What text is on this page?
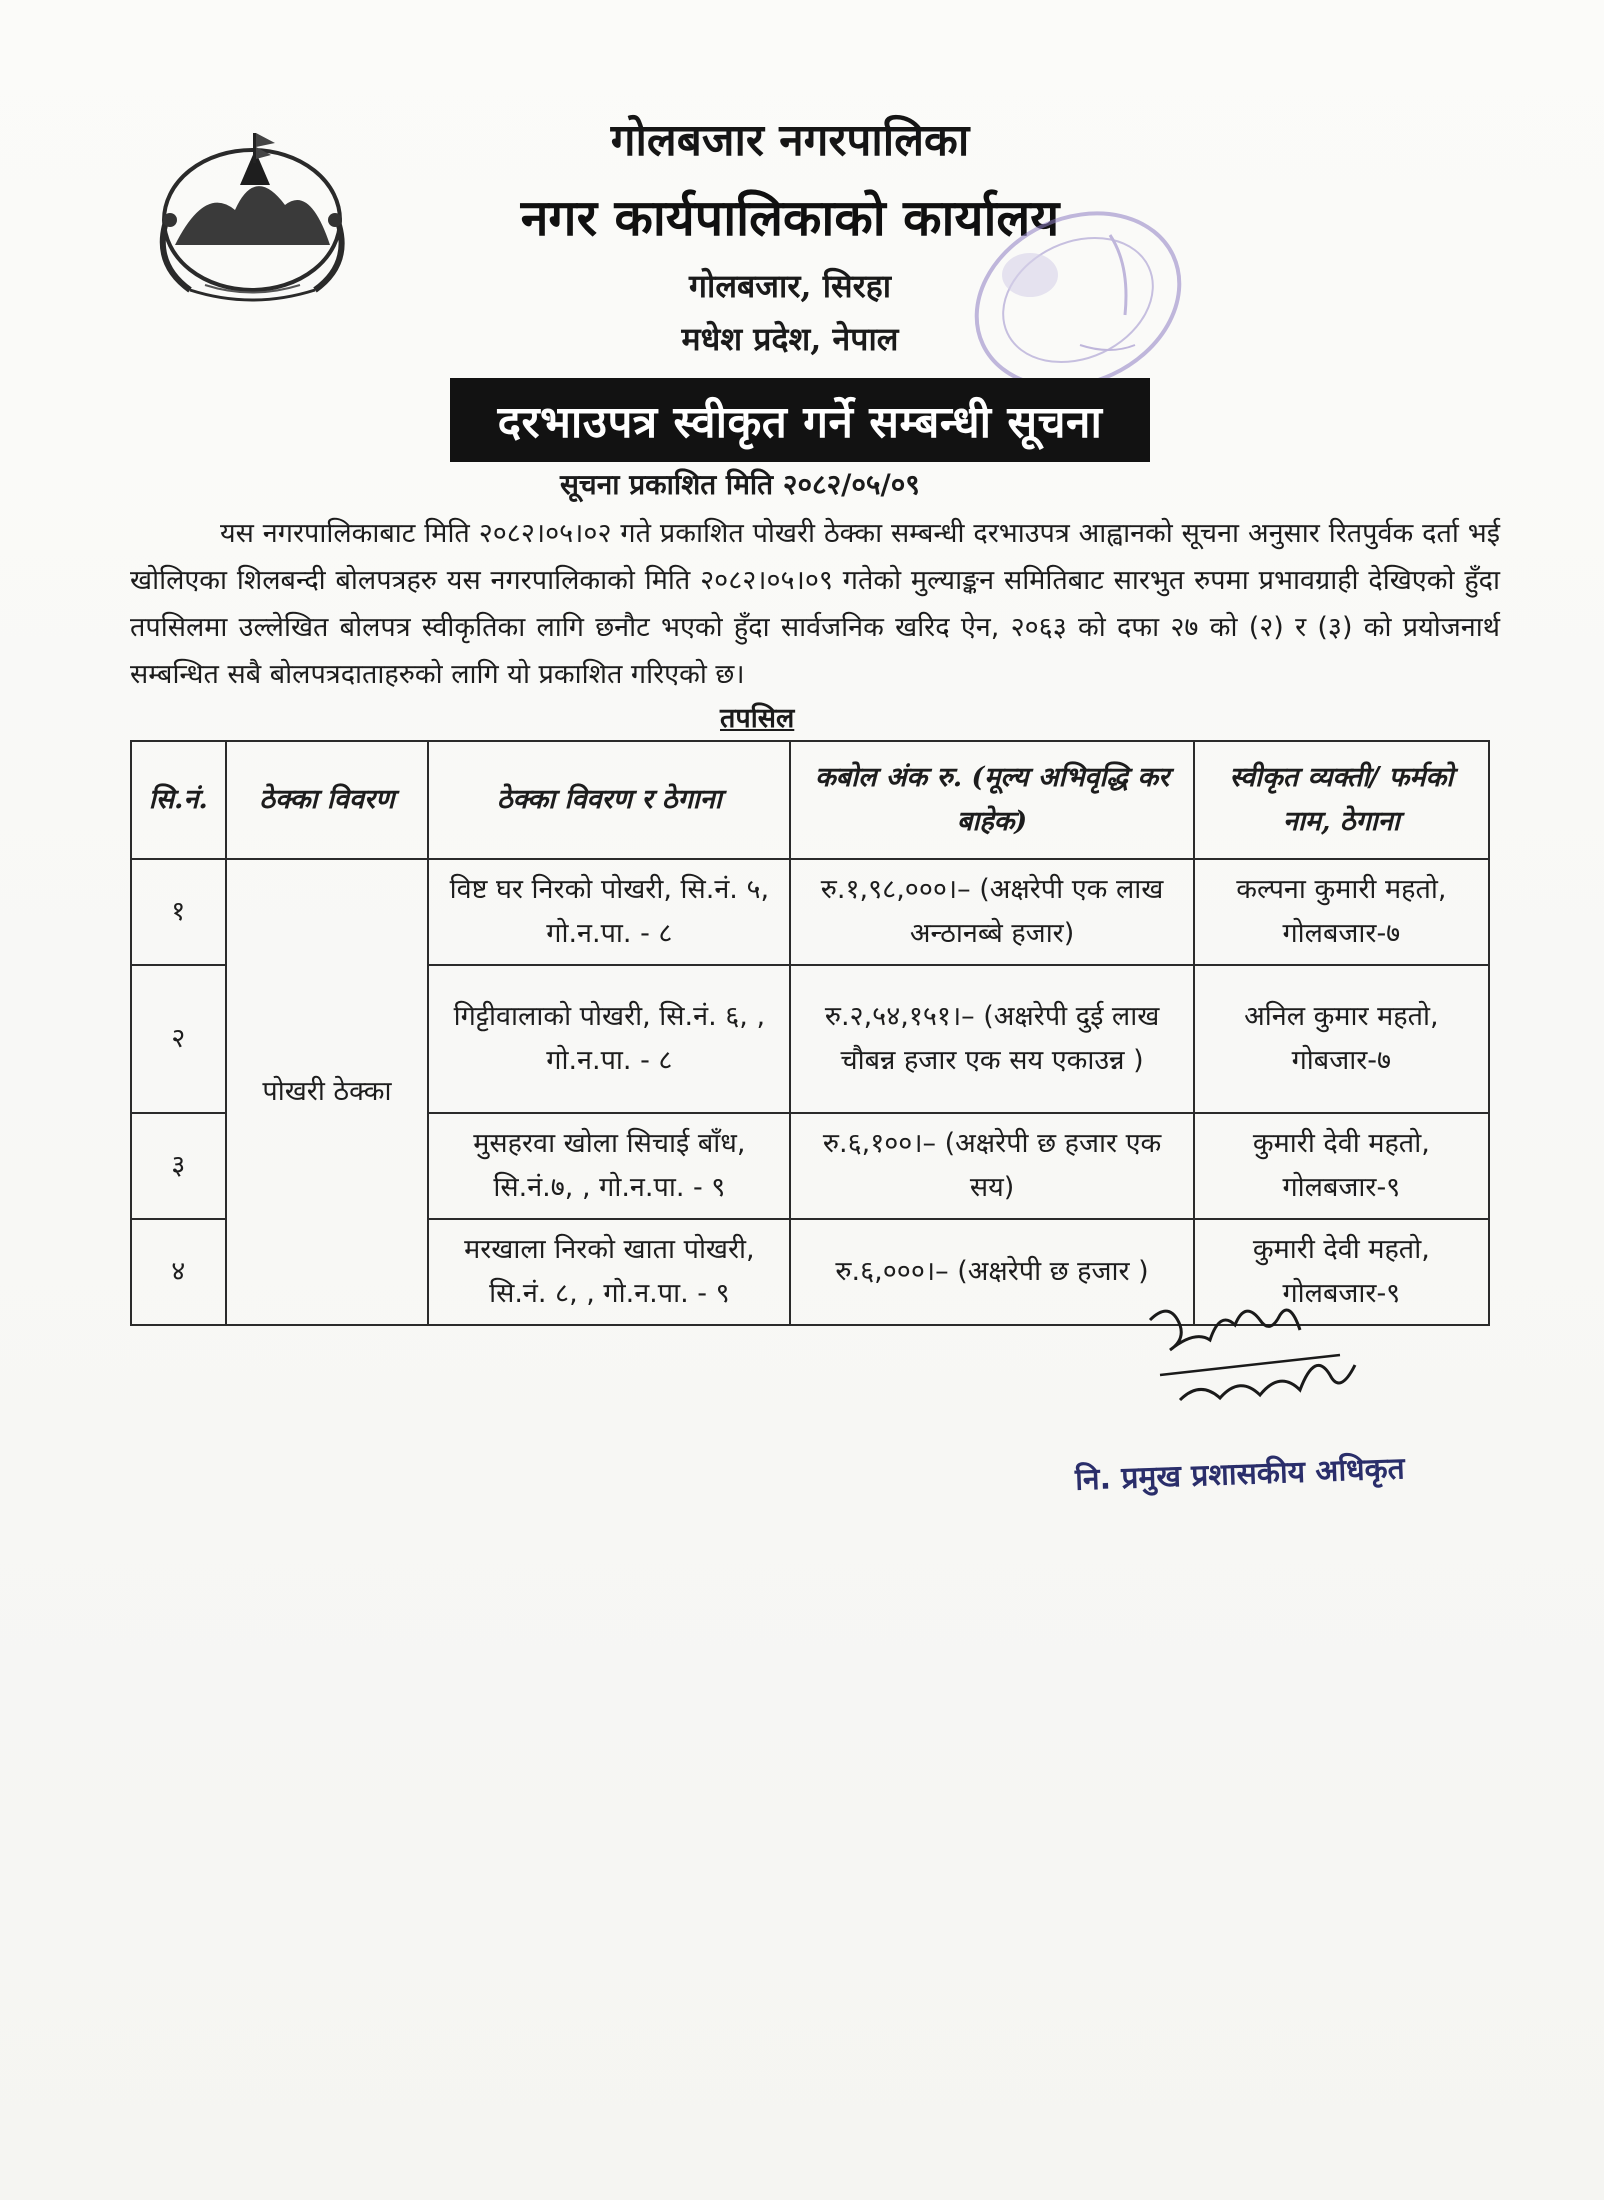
गोलबजार नगरपालिका
नगर कार्यपालिकाको कार्यालय
गोलबजार, सिरहा
मधेश प्रदेश, नेपाल
दरभाउपत्र स्वीकृत गर्ने सम्बन्धी सूचना
सूचना प्रकाशित मिति २०८२/०५/०९
यस नगरपालिकाबाट मिति २०८२।०५।०२ गते प्रकाशित पोखरी ठेक्का सम्बन्धी दरभाउपत्र आह्वानको सूचना अनुसार रितपुर्वक दर्ता भई खोलिएका शिलबन्दी बोलपत्रहरु यस नगरपालिकाको मिति २०८२।०५।०९ गतेको मुल्याङ्कन समितिबाट सारभुत रुपमा प्रभावग्राही देखिएको हुँदा तपसिलमा उल्लेखित बोलपत्र स्वीकृतिका लागि छनौट भएको हुँदा सार्वजनिक खरिद ऐन, २०६३ को दफा २७ को (२) र (३) को प्रयोजनार्थ सम्बन्धित सबै बोलपत्रदाताहरुको लागि यो प्रकाशित गरिएको छ।
तपसिल
सि.नं.	ठेक्का विवरण	ठेक्का विवरण र ठेगाना	कबोल अंक रु. (मूल्य अभिवृद्धि कर बाहेक)	स्वीकृत व्यक्ती/ फर्मको नाम, ठेगाना
१	पोखरी ठेक्का	विष्ट घर निरको पोखरी, सि.नं. ५, गो.न.पा. - ८	रु.१,९८,०००।– (अक्षरेपी एक लाख अन्ठानब्बे हजार)	कल्पना कुमारी महतो, गोलबजार-७
२		गिट्टीवालाको पोखरी, सि.नं. ६, , गो.न.पा. - ८	रु.२,५४,१५१।– (अक्षरेपी दुई लाख चौबन्न हजार एक सय एकाउन्न )	अनिल कुमार महतो, गोबजार-७
३		मुसहरवा खोला सिचाई बाँध, सि.नं.७, , गो.न.पा. - ९	रु.६,१००।– (अक्षरेपी छ हजार एक सय)	कुमारी देवी महतो, गोलबजार-९
४		मरखाला निरको खाता पोखरी, सि.नं. ८, , गो.न.पा. - ९	रु.६,०००।– (अक्षरेपी छ हजार )	कुमारी देवी महतो, गोलबजार-९
नि. प्रमुख प्रशासकीय अधिकृत
